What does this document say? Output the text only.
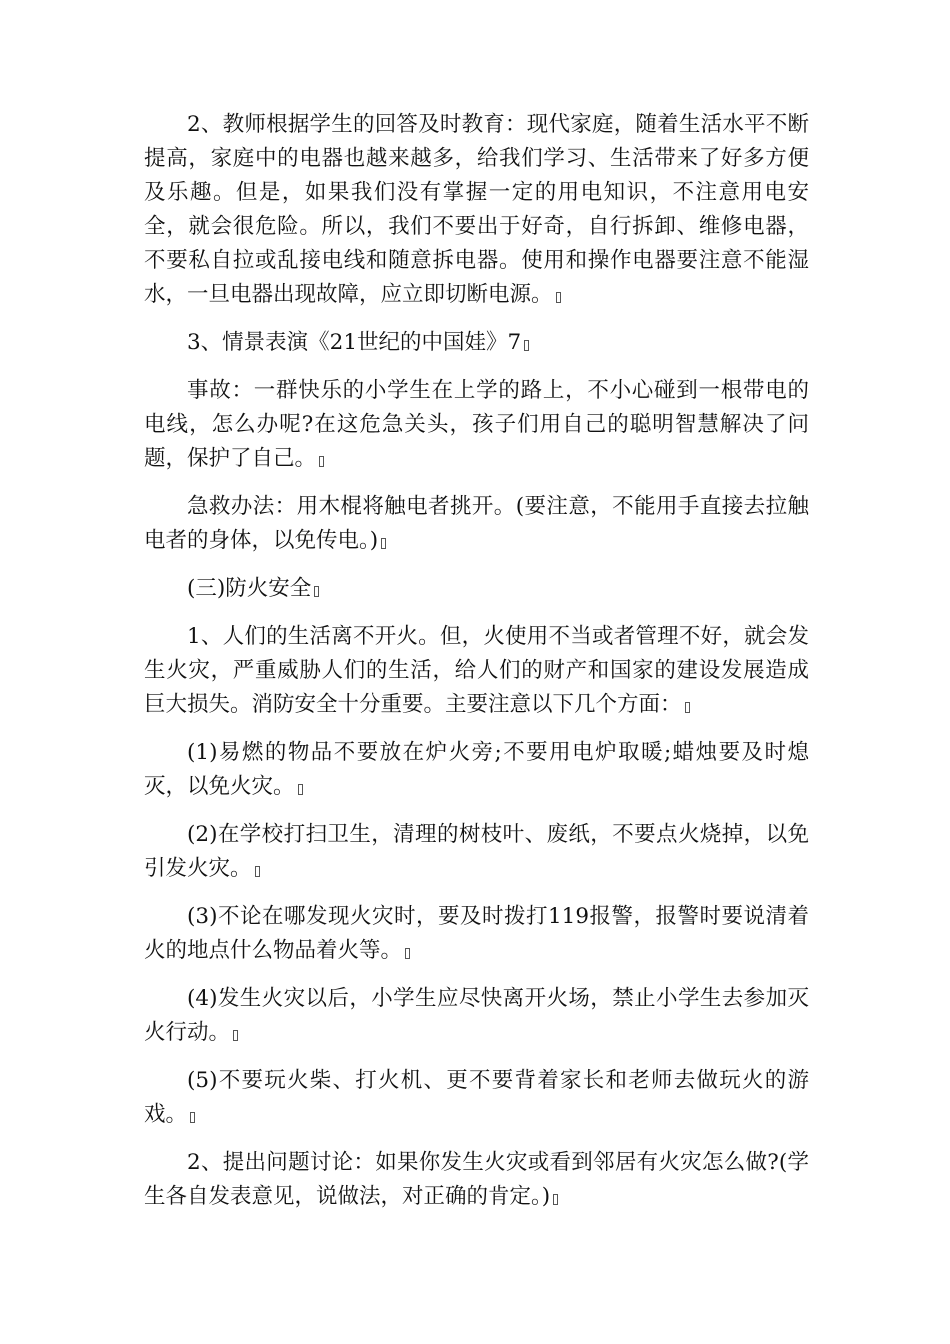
2、教师根据学生的回答及时教育：现代家庭，随着生活水平不断提高，家庭中的电器也越来越多，给我们学习、生活带来了好多方便及乐趣。但是，如果我们没有掌握一定的用电知识，不注意用电安全，就会很危险。所以，我们不要出于好奇，自行拆卸、维修电器，不要私自拉或乱接电线和随意拆电器。使用和操作电器要注意不能湿水，一旦电器出现故障，应立即切断电源。

3、情景表演《21世纪的中国娃》7

事故：一群快乐的小学生在上学的路上，不小心碰到一根带电的电线，怎么办呢?在这危急关头，孩子们用自己的聪明智慧解决了问题，保护了自己。

急救办法：用木棍将触电者挑开。(要注意，不能用手直接去拉触电者的身体，以免传电。)

(三)防火安全

1、人们的生活离不开火。但，火使用不当或者管理不好，就会发生火灾，严重威胁人们的生活，给人们的财产和国家的建设发展造成巨大损失。消防安全十分重要。主要注意以下几个方面：

(1)易燃的物品不要放在炉火旁;不要用电炉取暖;蜡烛要及时熄灭，以免火灾。

(2)在学校打扫卫生，清理的树枝叶、废纸，不要点火烧掉，以免引发火灾。

(3)不论在哪发现火灾时，要及时拨打119报警，报警时要说清着火的地点什么物品着火等。

(4)发生火灾以后，小学生应尽快离开火场，禁止小学生去参加灭火行动。

(5)不要玩火柴、打火机、更不要背着家长和老师去做玩火的游戏。

2、提出问题讨论：如果你发生火灾或看到邻居有火灾怎么做?(学生各自发表意见，说做法，对正确的肯定。)
